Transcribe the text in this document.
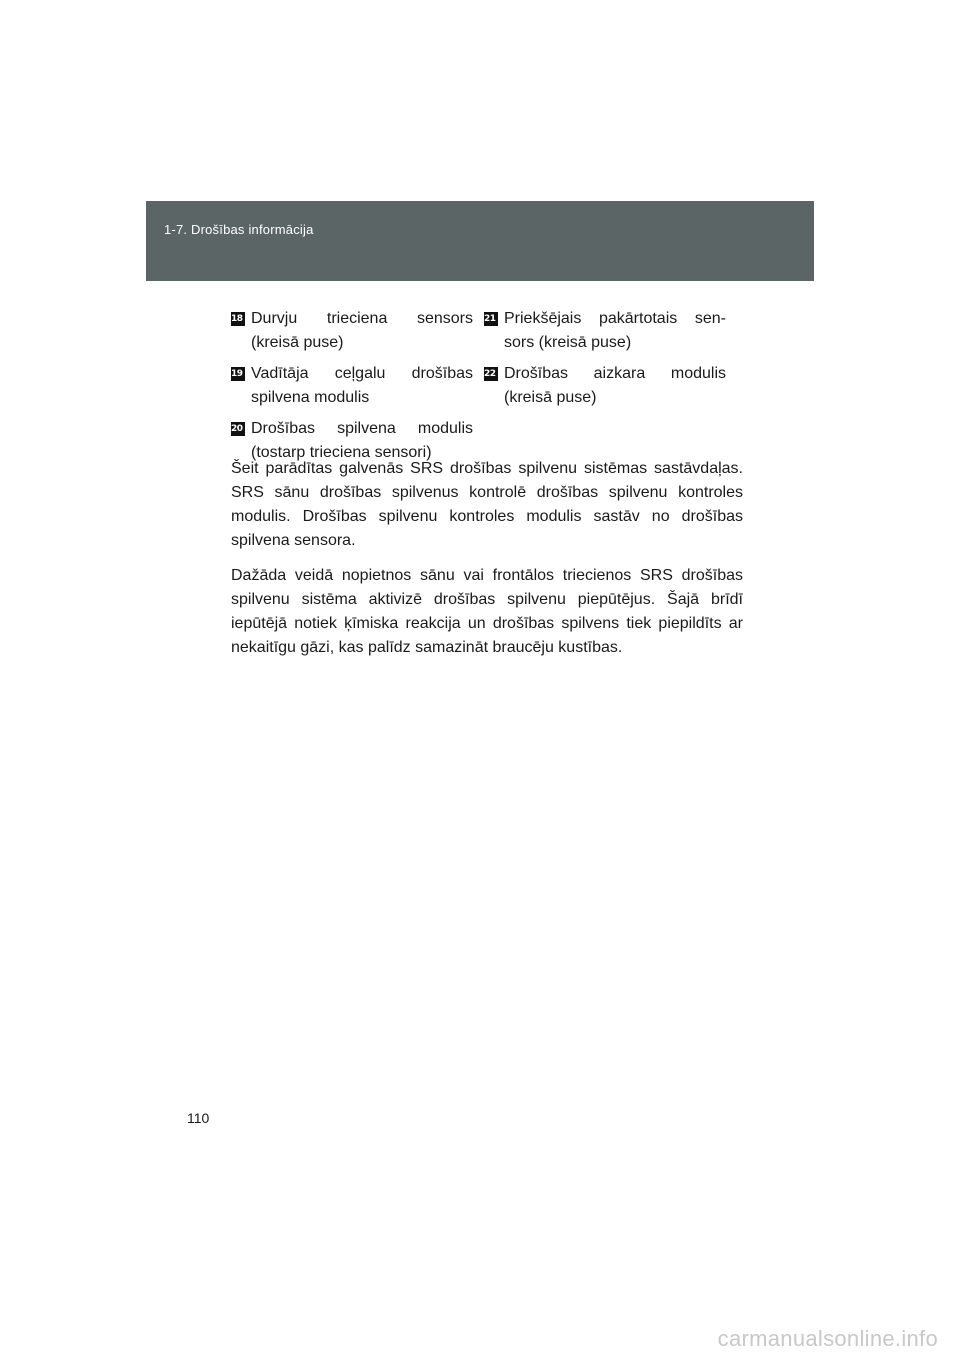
1-7. Drošības informācija
18 Durvju trieciena sensors
(kreisā puse)
19 Vadītāja ceļgalu drošības
spilvena modulis
20 Drošības spilvena modulis
(tostarp trieciena sensori)
21 Priekšējais pakārtotais sen-
sors (kreisā puse)
22 Drošības aizkara modulis
(kreisā puse)

Šeit parādītas galvenās SRS drošības spilvenu sistēmas sastāvdaļas. SRS sānu drošības spilvenus kontrolē drošības spilvenu kontroles modulis. Drošības spilvenu kontroles modulis sastāv no drošības spilvena sensora.

Dažāda veidā nopietnos sānu vai frontālos triecienos SRS drošības spilvenu sistēma aktivizē drošības spilvenu piepūtējus. Šajā brīdī iepūtējā notiek ķīmiska reakcija un drošības spilvens tiek piepildīts ar nekaitīgu gāzi, kas palīdz samazināt braucēju kustības.

110
carmanualsonline.info
